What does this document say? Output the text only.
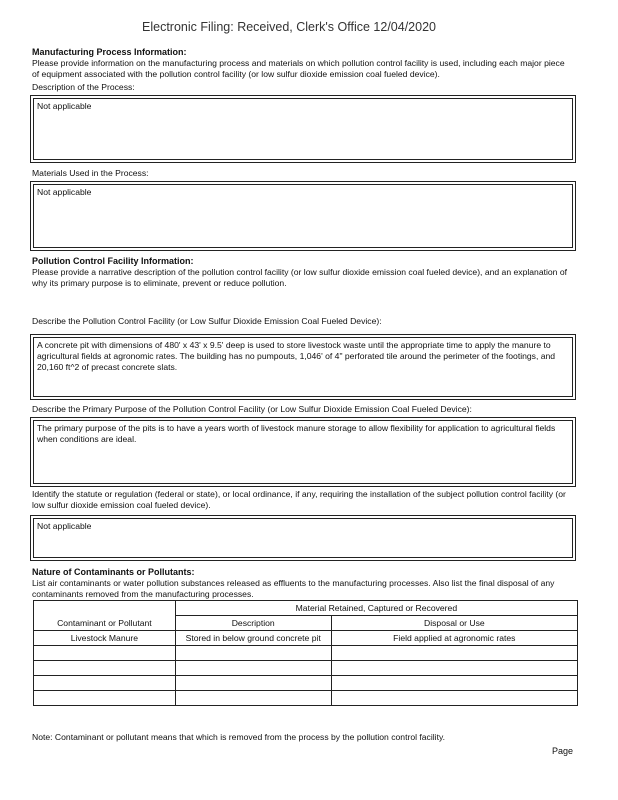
Electronic Filing: Received, Clerk's Office 12/04/2020
Manufacturing Process Information:
Please provide information on the manufacturing process and materials on which pollution control facility is used, including each major piece of equipment associated with the pollution control facility (or low sulfur dioxide emission coal fueled device).
Description of the Process:
Not applicable
Materials Used in the Process:
Not applicable
Pollution Control Facility Information:
Please provide a narrative description of the pollution control facility (or low sulfur dioxide emission coal fueled device), and an explanation of why its primary purpose is to eliminate, prevent or reduce pollution.
Describe the Pollution Control Facility (or Low Sulfur Dioxide Emission Coal Fueled Device):
A concrete pit with dimensions of 480' x 43' x 9.5' deep is used to store livestock waste until the appropriate time to apply the manure to agricultural fields at agronomic rates. The building has no pumpouts, 1,046' of 4" perforated tile around the perimeter of the footings, and 20,160 ft^2 of precast concrete slats.
Describe the Primary Purpose of the Pollution Control Facility (or Low Sulfur Dioxide Emission Coal Fueled Device):
The primary purpose of the pits is to have a years worth of livestock manure storage to allow flexibility for application to agricultural fields when conditions are ideal.
Identify the statute or regulation (federal or state), or local ordinance, if any, requiring the installation of the subject pollution control facility (or low sulfur dioxide emission coal fueled device).
Not applicable
Nature of Contaminants or Pollutants:
List air contaminants or water pollution substances released as effluents to the manufacturing processes. Also list the final disposal of any contaminants removed from the manufacturing processes.
	Material Retained, Captured or Recovered	
Contaminant or Pollutant	Description	Disposal or Use
Livestock Manure	Stored in below ground concrete pit	Field applied at agronomic rates

Note: Contaminant or pollutant means that which is removed from the process by the pollution control facility.
Page
